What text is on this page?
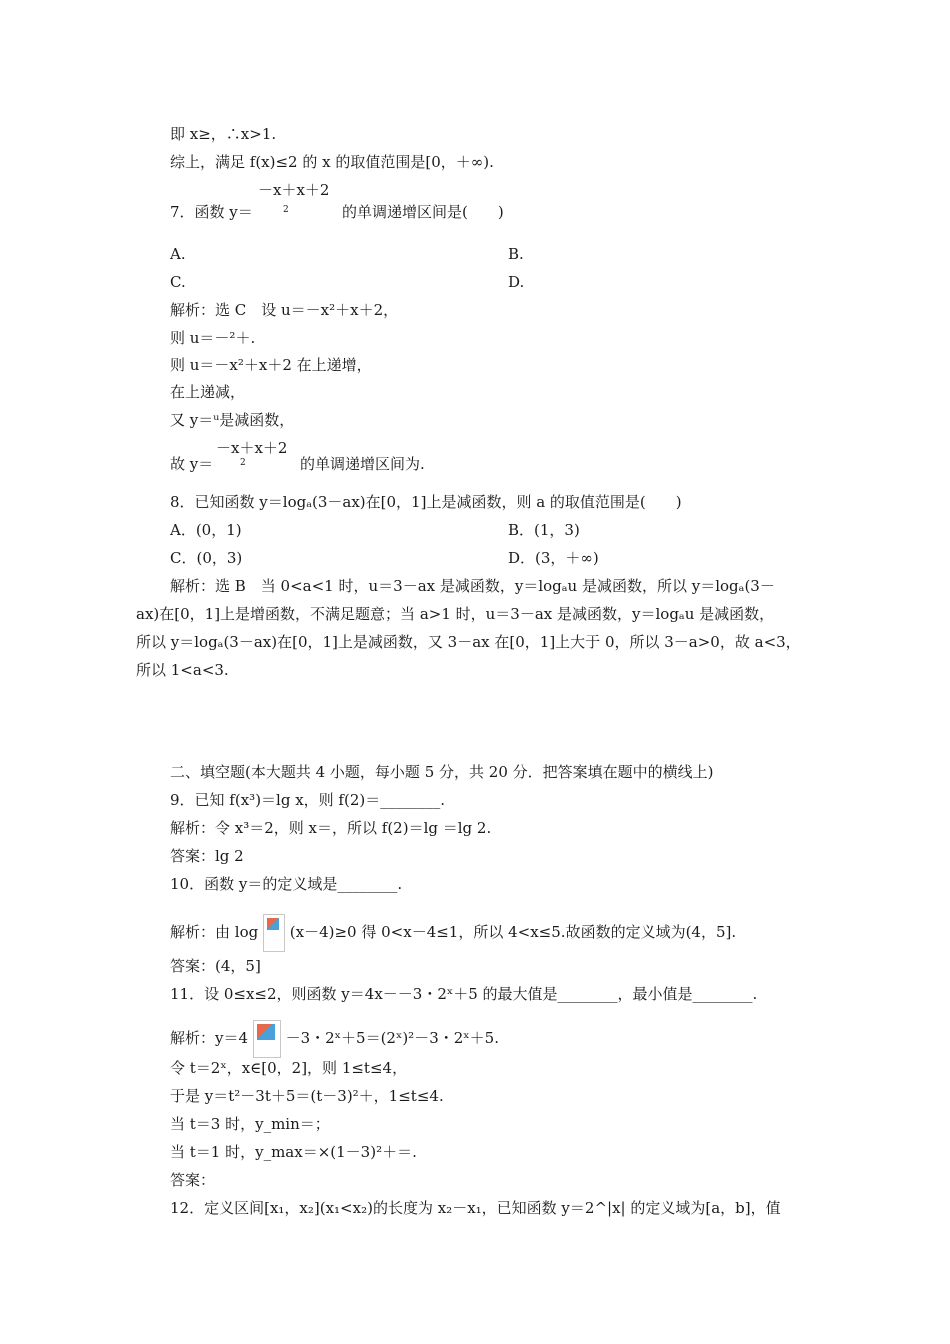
即 x≥，∴x>1.
综上，满足 f(x)≤2 的 x 的取值范围是[0，＋∞).
－x＋x＋2
7．函数 y＝	2	的单调递增区间是(　　)
A.	B.
C.	D.
解析：选 C　设 u＝－x²＋x＋2，
则 u＝－²＋.
则 u＝－x²＋x＋2 在上递增，
在上递减，
又 y＝ᵘ是减函数，
－x＋x＋2
故 y＝	2	的单调递增区间为.
8．已知函数 y＝logₐ(3－ax)在[0，1]上是减函数，则 a 的取值范围是(　　)
A．(0，1)	B．(1，3)
C．(0，3)	D．(3，＋∞)
解析：选 B　当 0<a<1 时，u＝3－ax 是减函数，y＝logₐu 是减函数，所以 y＝logₐ(3－
ax)在[0，1]上是增函数，不满足题意；当 a>1 时，u＝3－ax 是减函数，y＝logₐu 是减函数，
所以 y＝logₐ(3－ax)在[0，1]上是减函数，又 3－ax 在[0，1]上大于 0，所以 3－a>0，故 a<3，
所以 1<a<3.
二、填空题(本大题共 4 小题，每小题 5 分，共 20 分．把答案填在题中的横线上)
9．已知 f(x³)＝lg x，则 f(2)＝________.
解析：令 x³＝2，则 x＝，所以 f(2)＝lg ＝lg 2.
答案：lg 2
10．函数 y＝的定义域是________.
解析：由 log (x－4)≥0 得 0<x－4≤1，所以 4<x≤5.故函数的定义域为(4，5].
答案：(4，5]
11．设 0≤x≤2，则函数 y＝4x－－3・2ˣ＋5 的最大值是________，最小值是________.
解析：y＝4	－3・2ˣ＋5＝(2ˣ)²－3・2ˣ＋5.
令 t＝2ˣ，x∈[0，2]，则 1≤t≤4，
于是 y＝t²－3t＋5＝(t－3)²＋，1≤t≤4.
当 t＝3 时，y_min＝；
当 t＝1 时，y_max＝×(1－3)²＋＝.
答案：
12．定义区间[x₁，x₂](x₁<x₂)的长度为 x₂－x₁，已知函数 y＝2^|x| 的定义域为[a，b]，值
